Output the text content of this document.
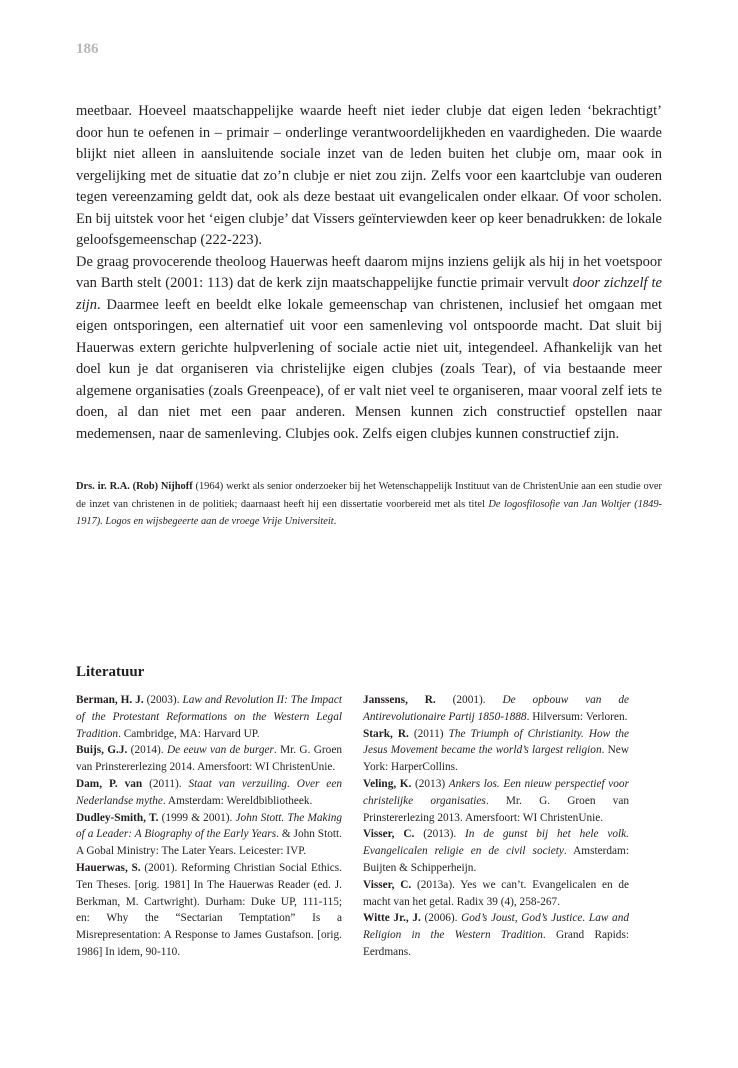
186

meetbaar. Hoeveel maatschappelijke waarde heeft niet ieder clubje dat eigen leden ‘bekrachtigt’ door hun te oefenen in – primair – onderlinge verantwoordelijkheden en vaardigheden. Die waarde blijkt niet alleen in aansluitende sociale inzet van de leden buiten het clubje om, maar ook in vergelijking met de situatie dat zo’n clubje er niet zou zijn. Zelfs voor een kaartclubje van ouderen tegen vereenzaming geldt dat, ook als deze bestaat uit evangelicalen onder elkaar. Of voor scholen. En bij uitstek voor het ‘eigen clubje’ dat Vissers geïnterviewden keer op keer benadrukken: de lokale geloofsgemeenschap (222-223).

De graag provocerende theoloog Hauerwas heeft daarom mijns inziens gelijk als hij in het voetspoor van Barth stelt (2001: 113) dat de kerk zijn maatschappelijke functie primair vervult door zichzelf te zijn. Daarmee leeft en beeldt elke lokale gemeenschap van christenen, inclusief het omgaan met eigen ontsporingen, een alternatief uit voor een samenleving vol ontspoorde macht. Dat sluit bij Hauerwas extern gerichte hulpverlening of sociale actie niet uit, integendeel. Afhankelijk van het doel kun je dat organiseren via christelijke eigen clubjes (zoals Tear), of via bestaande meer algemene organisaties (zoals Greenpeace), of er valt niet veel te organiseren, maar vooral zelf iets te doen, al dan niet met een paar anderen. Mensen kunnen zich constructief opstellen naar medemensen, naar de samenleving. Clubjes ook. Zelfs eigen clubjes kunnen constructief zijn.

Drs. ir. R.A. (Rob) Nijhoff (1964) werkt als senior onderzoeker bij het Wetenschappelijk Instituut van de ChristenUnie aan een studie over de inzet van christenen in de politiek; daarnaast heeft hij een dissertatie voorbereid met als titel De logosfilosofie van Jan Woltjer (1849-1917). Logos en wijsbegeerte aan de vroege Vrije Universiteit.
Literatuur

Berman, H. J. (2003). Law and Revolution II: The Impact of the Protestant Reformations on the Western Legal Tradition. Cambridge, MA: Harvard UP.

Buijs, G.J. (2014). De eeuw van de burger. Mr. G. Groen van Prinstererlezing 2014. Amersfoort: WI ChristenUnie.

Dam, P. van (2011). Staat van verzuiling. Over een Nederlandse mythe. Amsterdam: Wereldbibliotheek.

Dudley-Smith, T. (1999 & 2001). John Stott. The Making of a Leader: A Biography of the Early Years. & John Stott. A Gobal Ministry: The Later Years. Leicester: IVP.

Hauerwas, S. (2001). Reforming Christian Social Ethics. Ten Theses. [orig. 1981] In The Hauerwas Reader (ed. J. Berkman, M. Cartwright). Durham: Duke UP, 111-115; en: Why the “Sectarian Temptation” Is a Misrepresentation: A Response to James Gustafson. [orig. 1986] In idem, 90-110.

Janssens, R. (2001). De opbouw van de Antirevolutionaire Partij 1850-1888. Hilversum: Verloren.

Stark, R. (2011) The Triumph of Christianity. How the Jesus Movement became the world’s largest religion. New York: HarperCollins.

Veling, K. (2013) Ankers los. Een nieuw perspectief voor christelijke organisaties. Mr. G. Groen van Prinstererlezing 2013. Amersfoort: WI ChristenUnie.

Visser, C. (2013). In de gunst bij het hele volk. Evangelicalen religie en de civil society. Amsterdam: Buijten & Schipperheijn.

Visser, C. (2013a). Yes we can’t. Evangelicalen en de macht van het getal. Radix 39 (4), 258-267.

Witte Jr., J. (2006). God’s Joust, God’s Justice. Law and Religion in the Western Tradition. Grand Rapids: Eerdmans.
